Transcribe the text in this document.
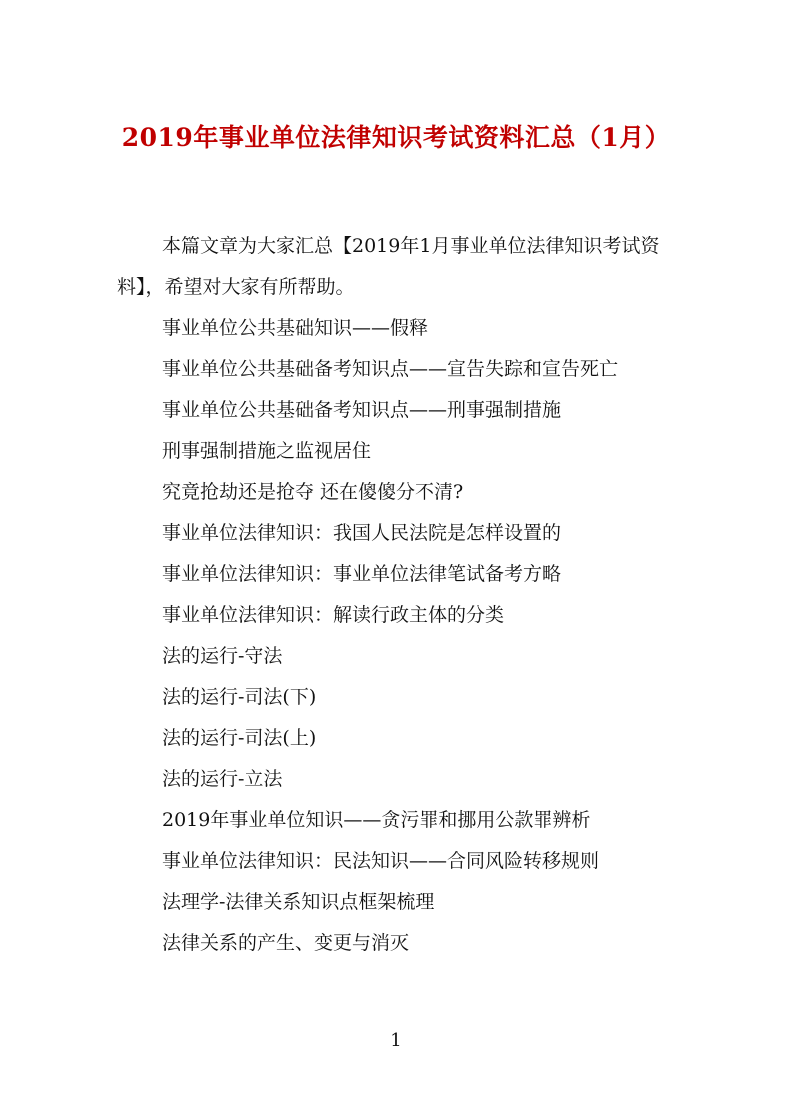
2019年事业单位法律知识考试资料汇总（1月）

本篇文章为大家汇总【2019年1月事业单位法律知识考试资料】，希望对大家有所帮助。

事业单位公共基础知识——假释

事业单位公共基础备考知识点——宣告失踪和宣告死亡

事业单位公共基础备考知识点——刑事强制措施

刑事强制措施之监视居住

究竟抢劫还是抢夺 还在傻傻分不清?

事业单位法律知识：我国人民法院是怎样设置的

事业单位法律知识：事业单位法律笔试备考方略

事业单位法律知识：解读行政主体的分类

法的运行-守法

法的运行-司法(下)

法的运行-司法(上)

法的运行-立法

2019年事业单位知识——贪污罪和挪用公款罪辨析

事业单位法律知识：民法知识——合同风险转移规则

法理学-法律关系知识点框架梳理

法律关系的产生、变更与消灭

1
